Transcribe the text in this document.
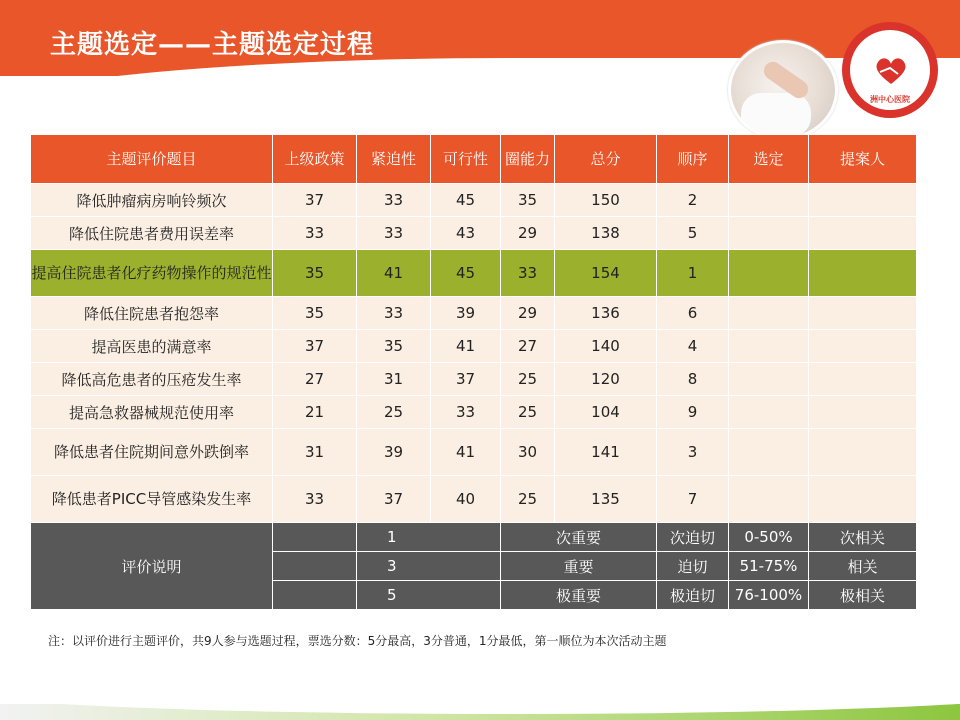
主题选定——主题选定过程	Hand in Hand
洲中心医院
主题评价题目	上级政策	紧迫性	可行性	圈能力	总分	顺序	选定	提案人
降低肿瘤病房响铃频次	37	33	45	35	150	2		
降低住院患者费用误差率	33	33	43	29	138	5		
提高住院患者化疗药物操作的规范性	35	41	45	33	154	1		
降低住院患者抱怨率	35	33	39	29	136	6		
提高医患的满意率	37	35	41	27	140	4		
降低高危患者的压疮发生率	27	31	37	25	120	8		
提高急救器械规范使用率	21	25	33	25	104	9		
降低患者住院期间意外跌倒率	31	39	41	30	141	3		
降低患者PICC导管感染发生率	33	37	40	25	135	7		
评价说明		1		次重要		次迫切	0-50%	次相关
		3		重要		迫切	51-75%	相关
		5		极重要		极迫切	76-100%	极相关
注：以评价进行主题评价，共9人参与选题过程，票选分数：5分最高，3分普通，1分最低，第一顺位为本次活动主题
